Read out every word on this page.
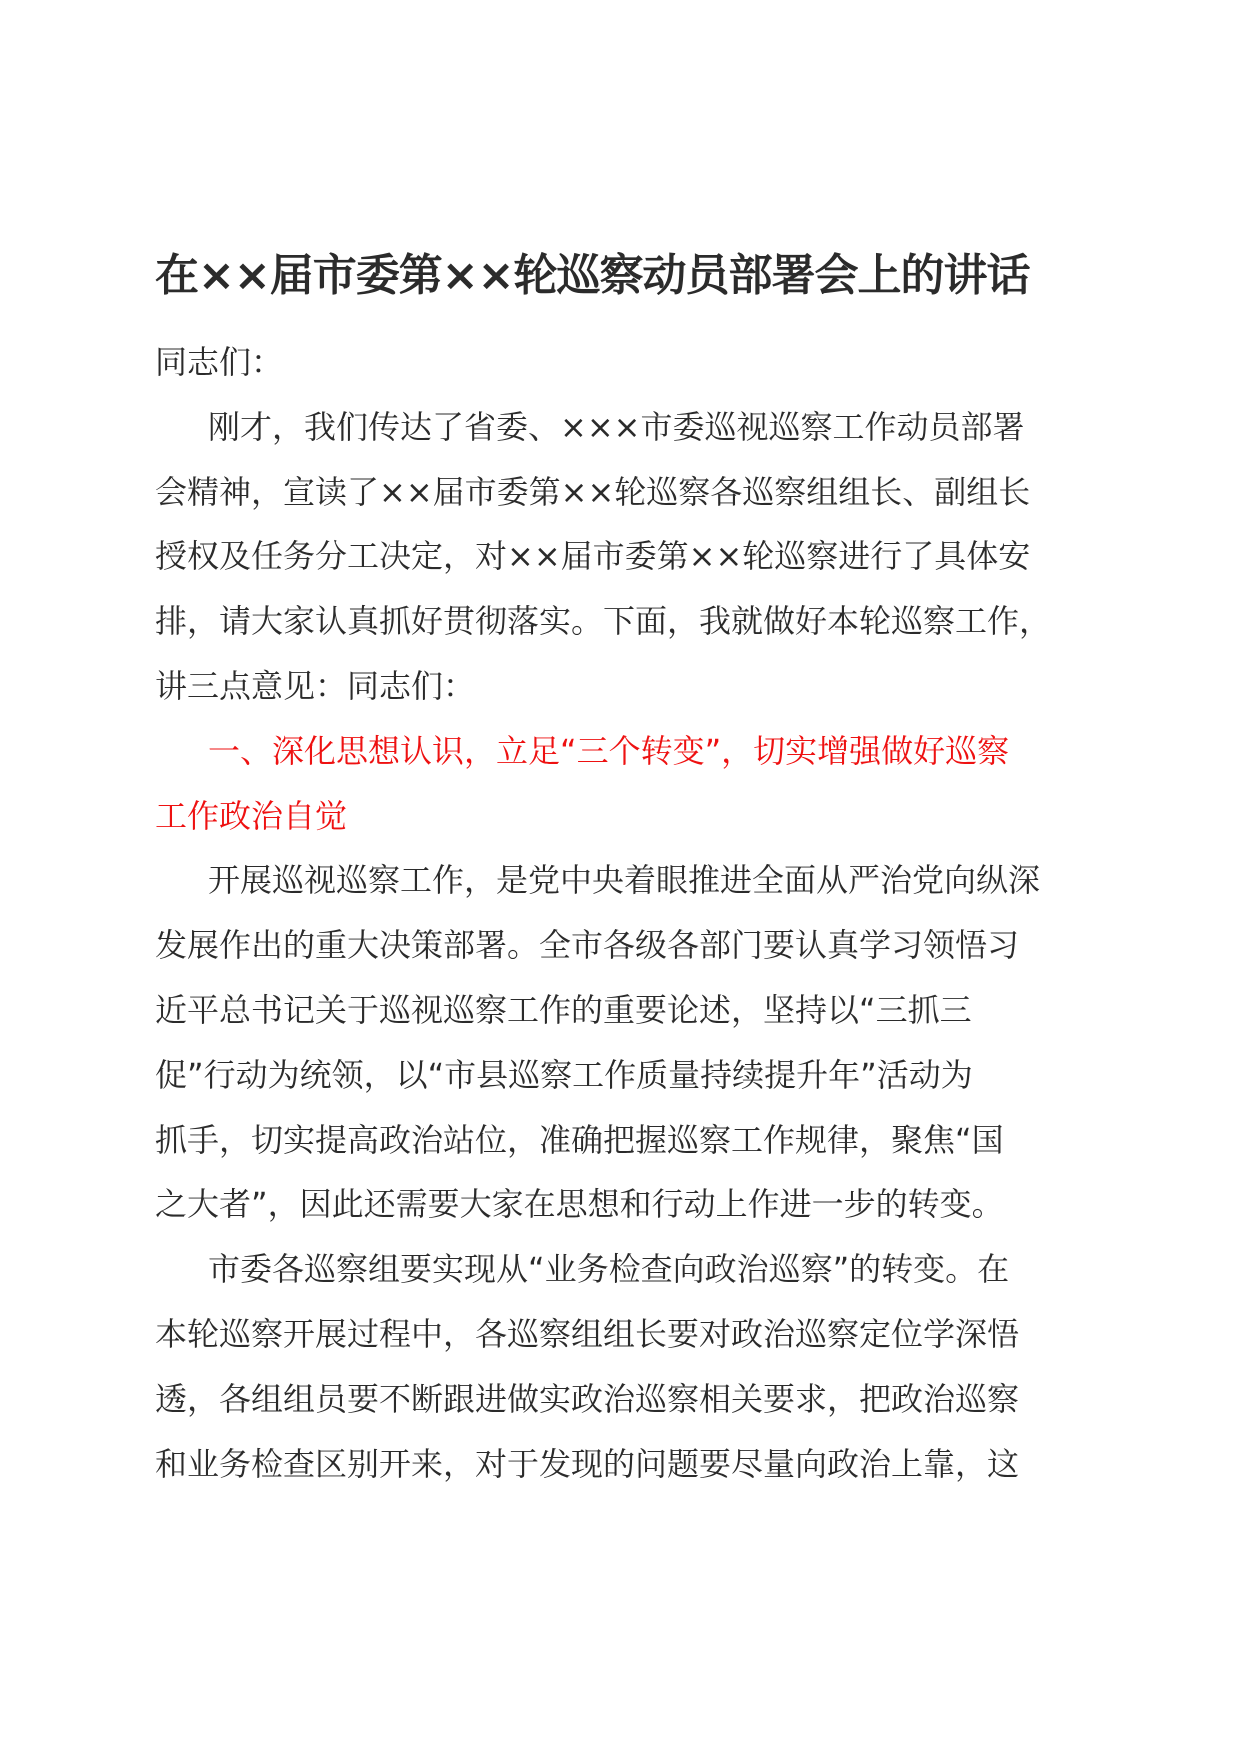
在××届市委第××轮巡察动员部署会上的讲话
同志们：
刚才，我们传达了省委、×××市委巡视巡察工作动员部署
会精神，宣读了××届市委第××轮巡察各巡察组组长、副组长
授权及任务分工决定，对××届市委第××轮巡察进行了具体安
排，请大家认真抓好贯彻落实。下面，我就做好本轮巡察工作，
讲三点意见：同志们：
一、深化思想认识，立足“三个转变”，切实增强做好巡察
工作政治自觉
开展巡视巡察工作，是党中央着眼推进全面从严治党向纵深
发展作出的重大决策部署。全市各级各部门要认真学习领悟习
近平总书记关于巡视巡察工作的重要论述，坚持以“三抓三
促”行动为统领，以“市县巡察工作质量持续提升年”活动为
抓手，切实提高政治站位，准确把握巡察工作规律，聚焦“国
之大者”，因此还需要大家在思想和行动上作进一步的转变。
市委各巡察组要实现从“业务检查向政治巡察”的转变。在
本轮巡察开展过程中，各巡察组组长要对政治巡察定位学深悟
透，各组组员要不断跟进做实政治巡察相关要求，把政治巡察
和业务检查区别开来，对于发现的问题要尽量向政治上靠，这
